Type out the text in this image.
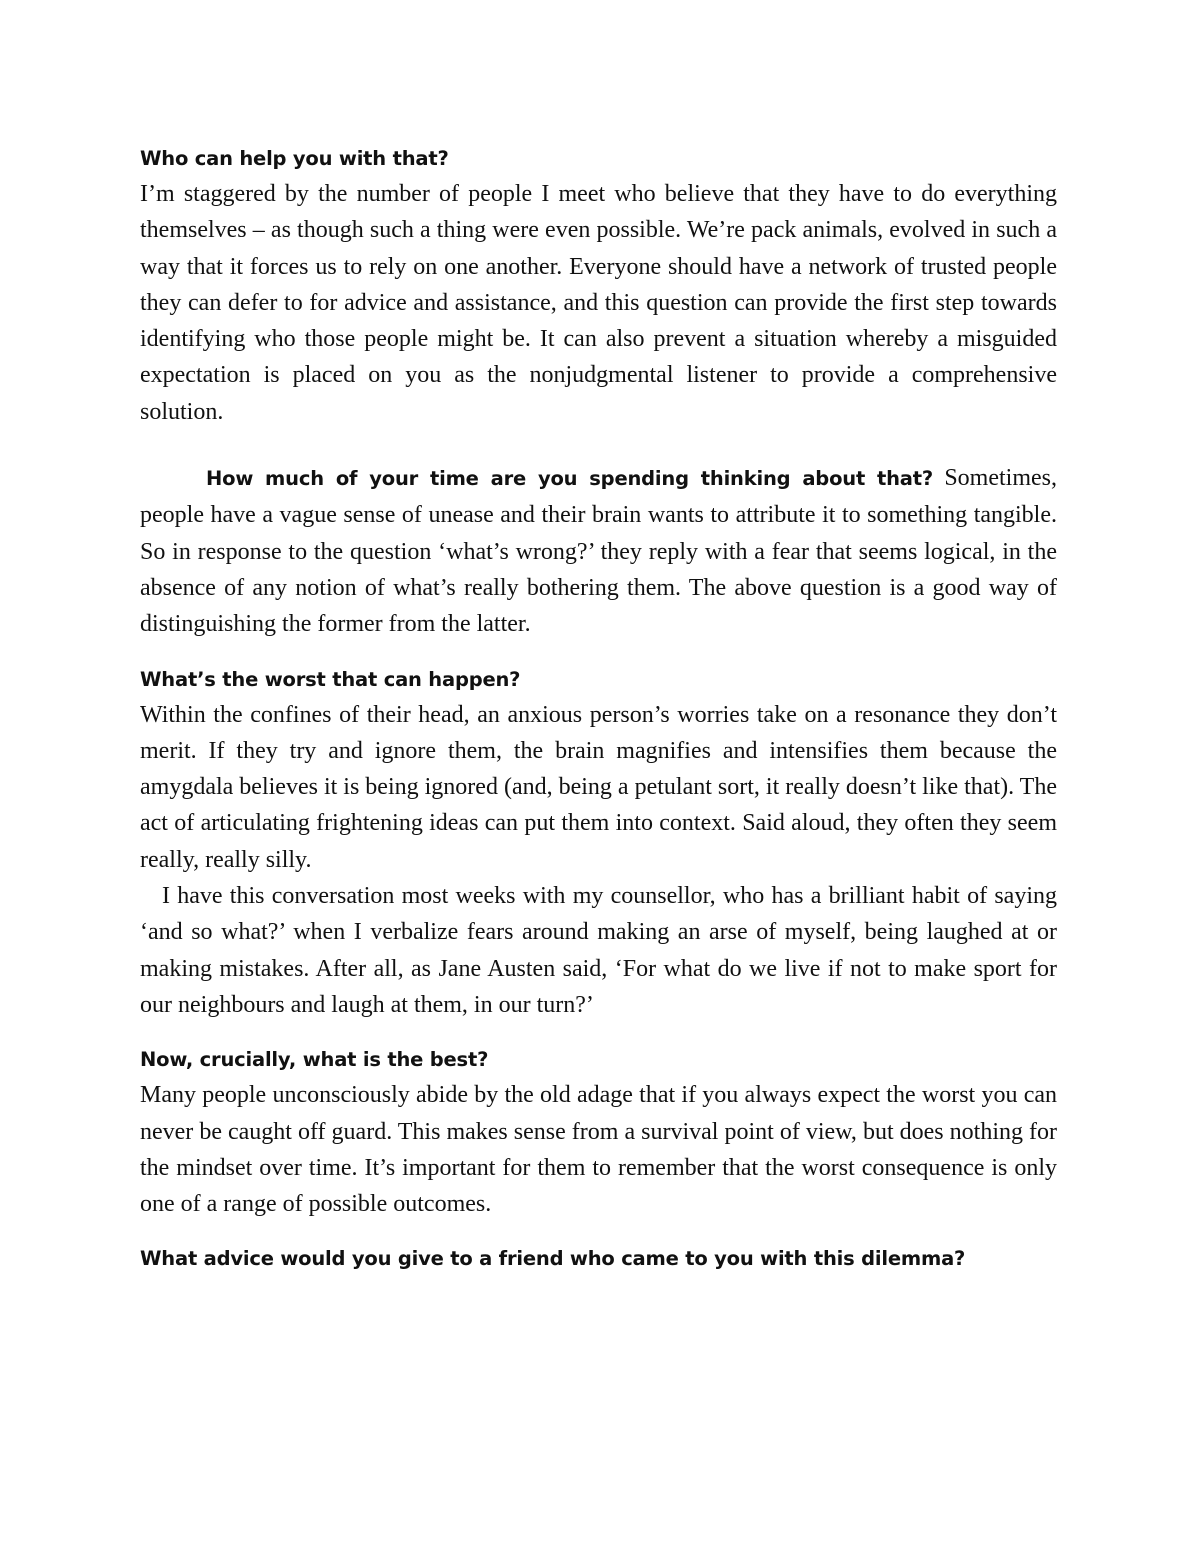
Who can help you with that?

I’m staggered by the number of people I meet who believe that they have to do everything themselves – as though such a thing were even possible. We’re pack animals, evolved in such a way that it forces us to rely on one another. Everyone should have a network of trusted people they can defer to for advice and assistance, and this question can provide the first step towards identifying who those people might be. It can also prevent a situation whereby a misguided expectation is placed on you as the nonjudgmental listener to provide a comprehensive solution.

How much of your time are you spending thinking about that? Sometimes, people have a vague sense of unease and their brain wants to attribute it to something tangible. So in response to the question ‘what’s wrong?’ they reply with a fear that seems logical, in the absence of any notion of what’s really bothering them. The above question is a good way of distinguishing the former from the latter.

What’s the worst that can happen?

Within the confines of their head, an anxious person’s worries take on a resonance they don’t merit. If they try and ignore them, the brain magnifies and intensifies them because the amygdala believes it is being ignored (and, being a petulant sort, it really doesn’t like that). The act of articulating frightening ideas can put them into context. Said aloud, they often they seem really, really silly.

I have this conversation most weeks with my counsellor, who has a brilliant habit of saying ‘and so what?’ when I verbalize fears around making an arse of myself, being laughed at or making mistakes. After all, as Jane Austen said, ‘For what do we live if not to make sport for our neighbours and laugh at them, in our turn?’

Now, crucially, what is the best?

Many people unconsciously abide by the old adage that if you always expect the worst you can never be caught off guard. This makes sense from a survival point of view, but does nothing for the mindset over time. It’s important for them to remember that the worst consequence is only one of a range of possible outcomes.

What advice would you give to a friend who came to you with this dilemma?
